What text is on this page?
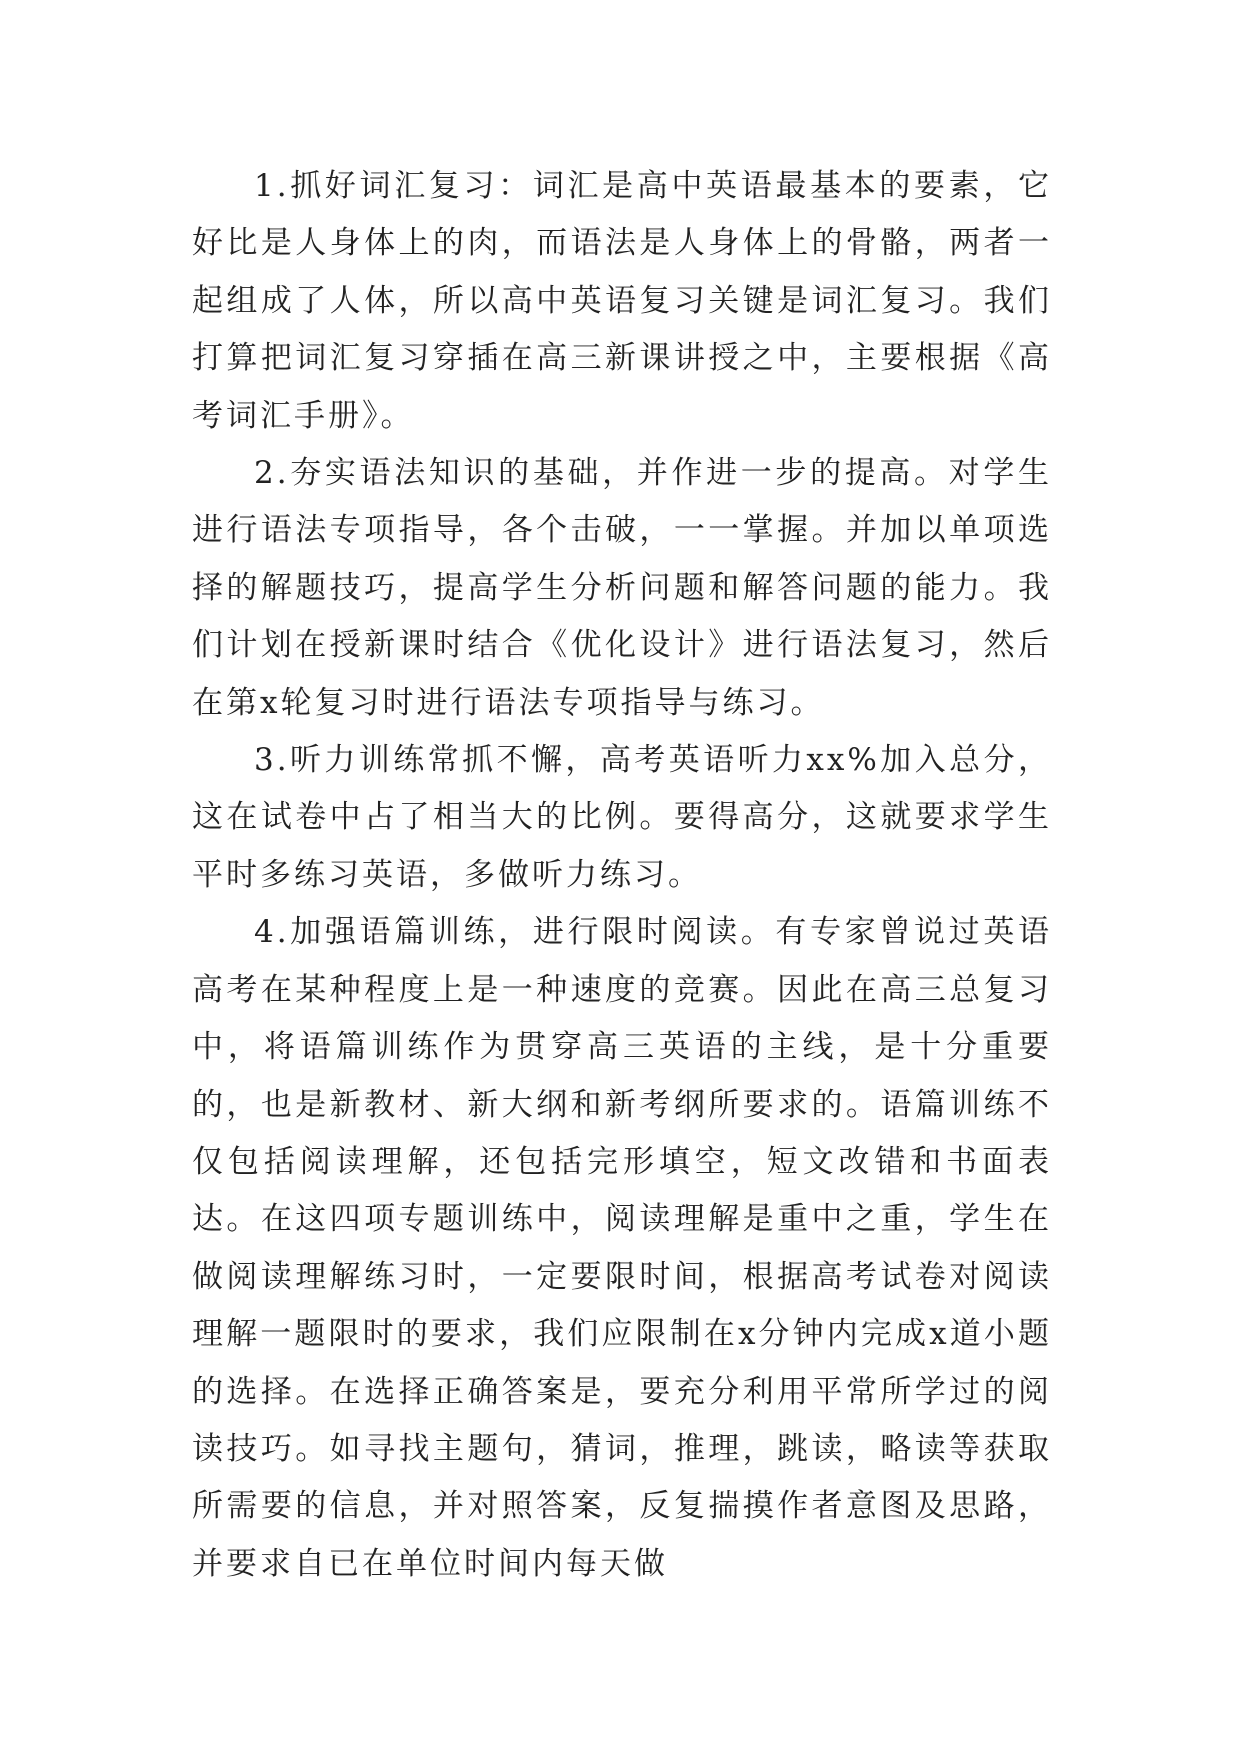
1.抓好词汇复习：词汇是高中英语最基本的要素，它好比是人身体上的肉，而语法是人身体上的骨骼，两者一起组成了人体，所以高中英语复习关键是词汇复习。我们打算把词汇复习穿插在高三新课讲授之中，主要根据《高考词汇手册》。

2.夯实语法知识的基础，并作进一步的提高。对学生进行语法专项指导，各个击破，一一掌握。并加以单项选择的解题技巧，提高学生分析问题和解答问题的能力。我们计划在授新课时结合《优化设计》进行语法复习，然后在第x轮复习时进行语法专项指导与练习。

3.听力训练常抓不懈，高考英语听力xx%加入总分，这在试卷中占了相当大的比例。要得高分，这就要求学生平时多练习英语，多做听力练习。

4.加强语篇训练，进行限时阅读。有专家曾说过英语高考在某种程度上是一种速度的竞赛。因此在高三总复习中，将语篇训练作为贯穿高三英语的主线，是十分重要的，也是新教材、新大纲和新考纲所要求的。语篇训练不仅包括阅读理解，还包括完形填空，短文改错和书面表达。在这四项专题训练中，阅读理解是重中之重，学生在做阅读理解练习时，一定要限时间，根据高考试卷对阅读理解一题限时的要求，我们应限制在x分钟内完成x道小题的选择。在选择正确答案是，要充分利用平常所学过的阅读技巧。如寻找主题句，猜词，推理，跳读，略读等获取所需要的信息，并对照答案，反复揣摸作者意图及思路，并要求自已在单位时间内每天做
